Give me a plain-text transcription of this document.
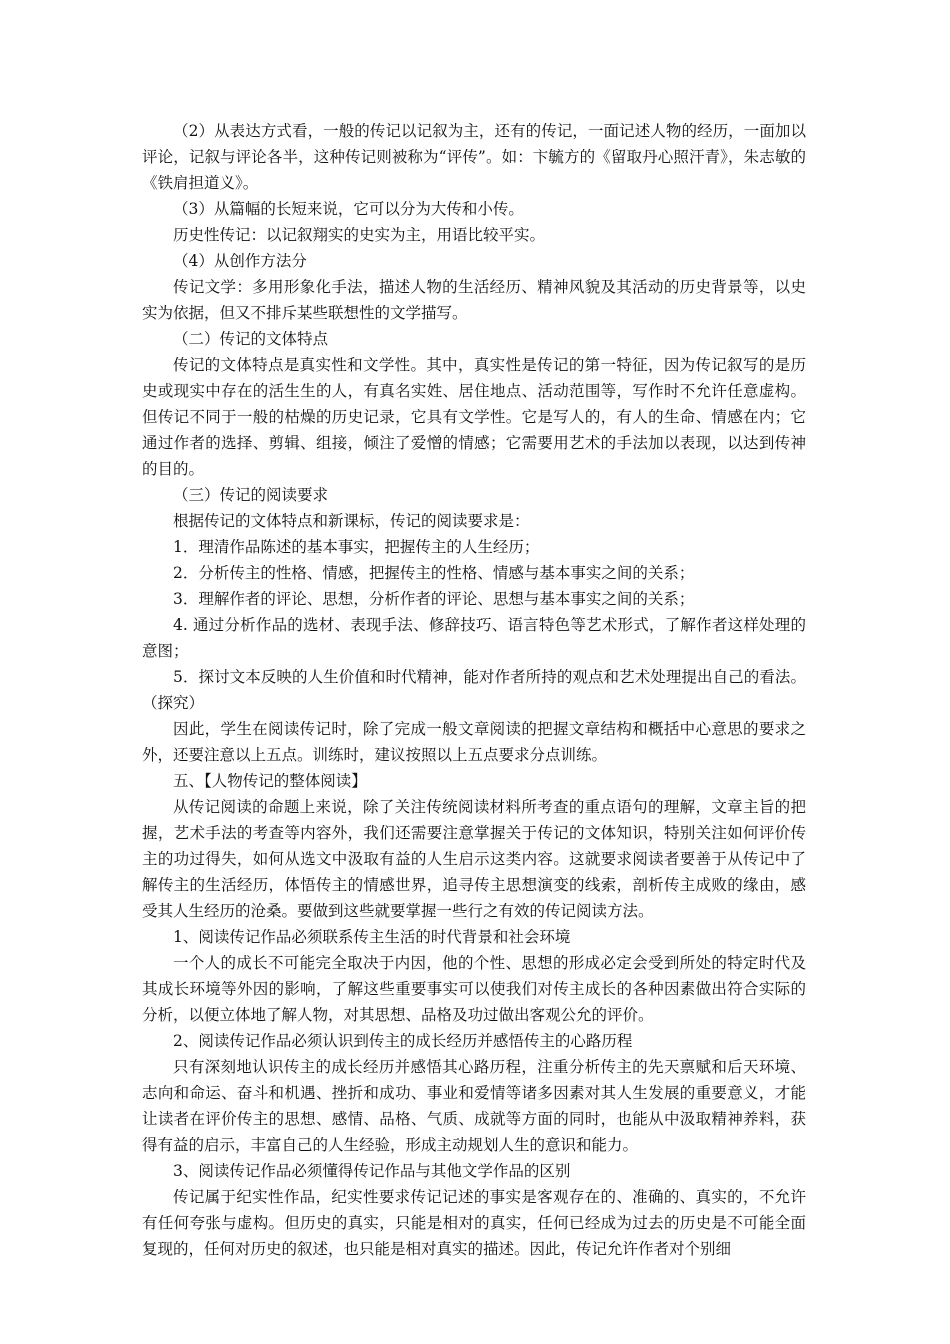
（2）从表达方式看，一般的传记以记叙为主，还有的传记，一面记述人物的经历，一面加以评论，记叙与评论各半，这种传记则被称为“评传”。如：卞毓方的《留取丹心照汗青》，朱志敏的《铁肩担道义》。

（3）从篇幅的长短来说，它可以分为大传和小传。

历史性传记：以记叙翔实的史实为主，用语比较平实。

（4）从创作方法分

传记文学：多用形象化手法，描述人物的生活经历、精神风貌及其活动的历史背景等，以史实为依据，但又不排斥某些联想性的文学描写。

（二）传记的文体特点

传记的文体特点是真实性和文学性。其中，真实性是传记的第一特征，因为传记叙写的是历史或现实中存在的活生生的人，有真名实姓、居住地点、活动范围等，写作时不允许任意虚构。但传记不同于一般的枯燥的历史记录，它具有文学性。它是写人的，有人的生命、情感在内；它通过作者的选择、剪辑、组接，倾注了爱憎的情感；它需要用艺术的手法加以表现，以达到传神的目的。

（三）传记的阅读要求

根据传记的文体特点和新课标，传记的阅读要求是：

1．理清作品陈述的基本事实，把握传主的人生经历；

2．分析传主的性格、情感，把握传主的性格、情感与基本事实之间的关系；

3．理解作者的评论、思想，分析作者的评论、思想与基本事实之间的关系；

4. 通过分析作品的选材、表现手法、修辞技巧、语言特色等艺术形式，了解作者这样处理的意图；

5．探讨文本反映的人生价值和时代精神，能对作者所持的观点和艺术处理提出自己的看法。（探究）

因此，学生在阅读传记时，除了完成一般文章阅读的把握文章结构和概括中心意思的要求之外，还要注意以上五点。训练时，建议按照以上五点要求分点训练。

五、【人物传记的整体阅读】

从传记阅读的命题上来说，除了关注传统阅读材料所考查的重点语句的理解，文章主旨的把握，艺术手法的考查等内容外，我们还需要注意掌握关于传记的文体知识，特别关注如何评价传主的功过得失，如何从选文中汲取有益的人生启示这类内容。这就要求阅读者要善于从传记中了解传主的生活经历，体悟传主的情感世界，追寻传主思想演变的线索，剖析传主成败的缘由，感受其人生经历的沧桑。要做到这些就要掌握一些行之有效的传记阅读方法。

1、阅读传记作品必须联系传主生活的时代背景和社会环境

一个人的成长不可能完全取决于内因，他的个性、思想的形成必定会受到所处的特定时代及其成长环境等外因的影响，了解这些重要事实可以使我们对传主成长的各种因素做出符合实际的分析，以便立体地了解人物，对其思想、品格及功过做出客观公允的评价。

2、阅读传记作品必须认识到传主的成长经历并感悟传主的心路历程

只有深刻地认识传主的成长经历并感悟其心路历程，注重分析传主的先天禀赋和后天环境、志向和命运、奋斗和机遇、挫折和成功、事业和爱情等诸多因素对其人生发展的重要意义，才能让读者在评价传主的思想、感情、品格、气质、成就等方面的同时，也能从中汲取精神养料，获得有益的启示，丰富自己的人生经验，形成主动规划人生的意识和能力。

3、阅读传记作品必须懂得传记作品与其他文学作品的区别

传记属于纪实性作品，纪实性要求传记记述的事实是客观存在的、准确的、真实的，不允许有任何夸张与虚构。但历史的真实，只能是相对的真实，任何已经成为过去的历史是不可能全面复现的，任何对历史的叙述，也只能是相对真实的描述。因此，传记允许作者对个别细
